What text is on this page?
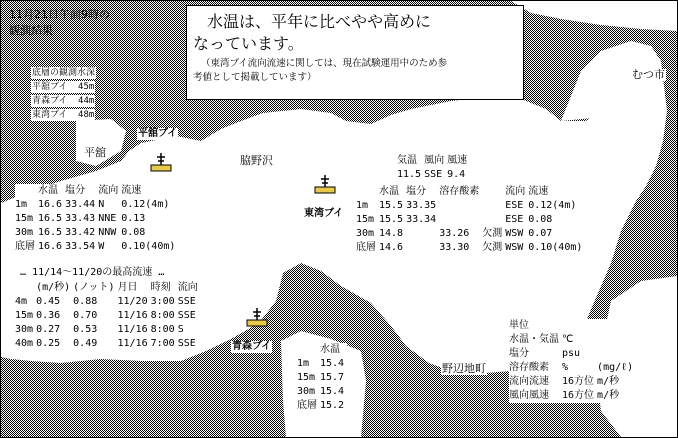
11月21日午前9時の
観測結果	水温は、平年に比べやや高めに
なっています。
（東湾ブイ流向流速に関しては、現在試験運用中のため参
考値として掲載しています）
底層の観測水深
平舘ブイ 45m
青森ブイ 44m
東湾ブイ 48m
平舘
むつ市
脇野沢
野辺地町
平舘ブイ
東湾ブイ
青森ブイ
	水温	塩分	流向	流速
1m	16.6	33.44	N	0.12(4m)
15m	16.5	33.43	NNE	0.13
30m	16.5	33.42	NNW	0.08
底層	16.6	33.54	W	0.10(40m)
… 11/14～11/20の最高流速 …
	(m/秒)	(ノット)	月日	時刻	流向
4m	0.45	0.88	11/20	3:00	SSE
15m	0.36	0.70	11/16	8:00	SSE
30m	0.27	0.53	11/16	8:00	S
40m	0.25	0.49	11/16	7:00	SSE
気温	風向	風速
11.5	SSE	9.4
	水温	塩分	溶存酸素		流向	流速
1m	15.5	33.35			ESE	0.12(4m)
15m	15.5	33.34			ESE	0.08
30m	14.8		33.26	欠測	WSW	0.07
底層	14.6		33.30	欠測	WSW	0.10(40m)
	水温
1m	15.4
15m	15.7
30m	15.4
底層	15.2
単位		
水温・気温	℃	
塩分	psu	
溶存酸素	%	(mg/ℓ)
流向流速	16方位	m/秒
風向風速	16方位	m/秒
